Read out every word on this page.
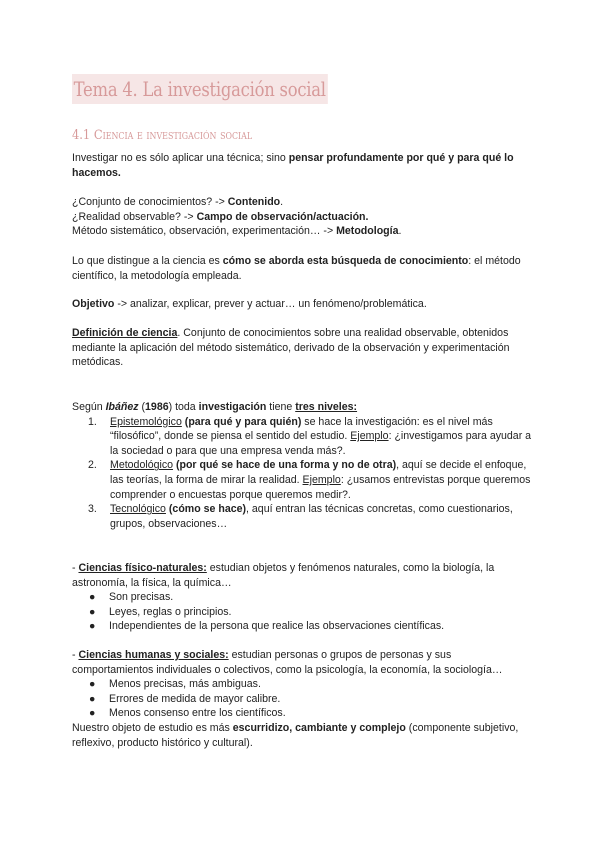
Tema 4. La investigación social
4.1 Ciencia e investigación social

Investigar no es sólo aplicar una técnica; sino pensar profundamente por qué y para qué lo hacemos.

¿Conjunto de conocimientos? -> Contenido.

¿Realidad observable? -> Campo de observación/actuación.

Método sistemático, observación, experimentación… -> Metodología.

Lo que distingue a la ciencia es cómo se aborda esta búsqueda de conocimiento: el método científico, la metodología empleada.

Objetivo -> analizar, explicar, prever y actuar… un fenómeno/problemática.

Definición de ciencia. Conjunto de conocimientos sobre una realidad observable, obtenidos mediante la aplicación del método sistemático, derivado de la observación y experimentación metódicas.

Según Ibáñez (1986) toda investigación tiene tres niveles:

1. Epistemológico (para qué y para quién) se hace la investigación: es el nivel más “filosófico”, donde se piensa el sentido del estudio. Ejemplo: ¿investigamos para ayudar a la sociedad o para que una empresa venda más?.
2. Metodológico (por qué se hace de una forma y no de otra), aquí se decide el enfoque, las teorías, la forma de mirar la realidad. Ejemplo: ¿usamos entrevistas porque queremos comprender o encuestas porque queremos medir?.
3. Tecnológico (cómo se hace), aquí entran las técnicas concretas, como cuestionarios, grupos, observaciones…

- Ciencias físico-naturales: estudian objetos y fenómenos naturales, como la biología, la astronomía, la física, la química…

● Son precisas.
● Leyes, reglas o principios.
● Independientes de la persona que realice las observaciones científicas.

- Ciencias humanas y sociales: estudian personas o grupos de personas y sus comportamientos individuales o colectivos, como la psicología, la economía, la sociología…

● Menos precisas, más ambiguas.
● Errores de medida de mayor calibre.
● Menos consenso entre los científicos.

Nuestro objeto de estudio es más escurridizo, cambiante y complejo (componente subjetivo, reflexivo, producto histórico y cultural).
